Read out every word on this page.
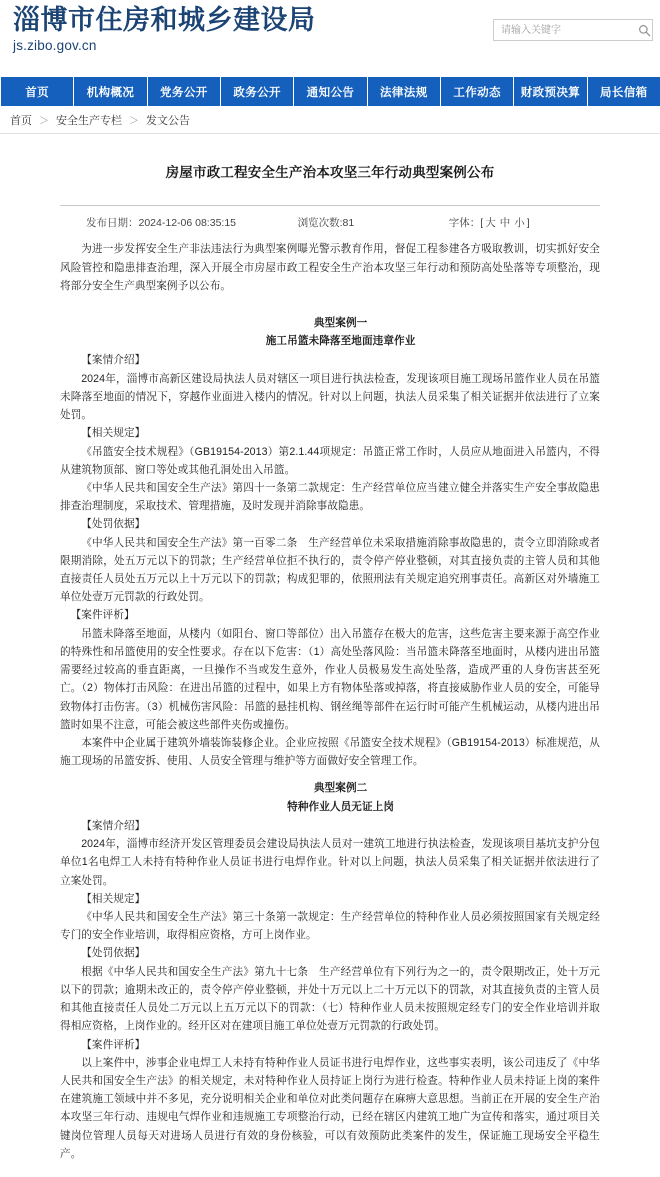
淄博市住房和城乡建设局
js.zibo.gov.cn
请输入关键字
首页	机构概况	党务公开	政务公开	通知公告	法律法规	工作动态	财政预决算	局长信箱
首页 ＞ 安全生产专栏 ＞ 发文公告
房屋市政工程安全生产治本攻坚三年行动典型案例公布
发布日期：2024-12-06 08:35:15	浏览次数:81	字体：[ 大 中 小 ]

为进一步发挥安全生产非法违法行为典型案例曝光警示教育作用，督促工程参建各方吸取教训，切实抓好安全风险管控和隐患排查治理，深入开展全市房屋市政工程安全生产治本攻坚三年行动和预防高处坠落等专项整治，现将部分安全生产典型案例予以公布。

典型案例一

施工吊篮未降落至地面违章作业

【案情介绍】

2024年，淄博市高新区建设局执法人员对辖区一项目进行执法检查，发现该项目施工现场吊篮作业人员在吊篮未降落至地面的情况下，穿越作业面进入楼内的情况。针对以上问题，执法人员采集了相关证据并依法进行了立案处罚。

【相关规定】

《吊篮安全技术规程》（GB19154-2013）第2.1.44项规定：吊篮正常工作时，人员应从地面进入吊篮内，不得从建筑物顶部、窗口等处或其他孔洞处出入吊篮。

《中华人民共和国安全生产法》第四十一条第二款规定：生产经营单位应当建立健全并落实生产安全事故隐患排查治理制度，采取技术、管理措施，及时发现并消除事故隐患。

【处罚依据】

《中华人民共和国安全生产法》第一百零二条　生产经营单位未采取措施消除事故隐患的，责令立即消除或者限期消除，处五万元以下的罚款；生产经营单位拒不执行的，责令停产停业整顿，对其直接负责的主管人员和其他直接责任人员处五万元以上十万元以下的罚款；构成犯罪的，依照刑法有关规定追究刑事责任。高新区对外墙施工单位处壹万元罚款的行政处罚。

【案件评析】

吊篮未降落至地面，从楼内（如阳台、窗口等部位）出入吊篮存在极大的危害，这些危害主要来源于高空作业的特殊性和吊篮使用的安全性要求。存在以下危害：（1）高处坠落风险：当吊篮未降落至地面时，从楼内进出吊篮需要经过较高的垂直距离，一旦操作不当或发生意外，作业人员极易发生高处坠落，造成严重的人身伤害甚至死亡。（2）物体打击风险：在进出吊篮的过程中，如果上方有物体坠落或掉落，将直接威胁作业人员的安全，可能导致物体打击伤害。（3）机械伤害风险：吊篮的悬挂机构、钢丝绳等部件在运行时可能产生机械运动，从楼内进出吊篮时如果不注意，可能会被这些部件夹伤或撞伤。

本案件中企业属于建筑外墙装饰装修企业。企业应按照《吊篮安全技术规程》（GB19154-2013）标准规范，从施工现场的吊篮安拆、使用、人员安全管理与维护等方面做好安全管理工作。

典型案例二

特种作业人员无证上岗

【案情介绍】

2024年，淄博市经济开发区管理委员会建设局执法人员对一建筑工地进行执法检查，发现该项目基坑支护分包单位1名电焊工人未持有特种作业人员证书进行电焊作业。针对以上问题，执法人员采集了相关证据并依法进行了立案处罚。

【相关规定】

《中华人民共和国安全生产法》第三十条第一款规定：生产经营单位的特种作业人员必须按照国家有关规定经专门的安全作业培训，取得相应资格，方可上岗作业。

【处罚依据】

根据《中华人民共和国安全生产法》第九十七条　生产经营单位有下列行为之一的，责令限期改正，处十万元以下的罚款；逾期未改正的，责令停产停业整顿，并处十万元以上二十万元以下的罚款，对其直接负责的主管人员和其他直接责任人员处二万元以上五万元以下的罚款：（七）特种作业人员未按照规定经专门的安全作业培训并取得相应资格，上岗作业的。经开区对在建项目施工单位处壹万元罚款的行政处罚。

【案件评析】

以上案件中，涉事企业电焊工人未持有特种作业人员证书进行电焊作业，这些事实表明，该公司违反了《中华人民共和国安全生产法》的相关规定，未对特种作业人员持证上岗行为进行检查。特种作业人员未持证上岗的案件在建筑施工领域中并不多见，充分说明相关企业和单位对此类问题存在麻痹大意思想。当前正在开展的安全生产治本攻坚三年行动、违规电气焊作业和违规施工专项整治行动，已经在辖区内建筑工地广为宣传和落实，通过项目关键岗位管理人员每天对进场人员进行有效的身份核验，可以有效预防此类案件的发生，保证施工现场安全平稳生产。
